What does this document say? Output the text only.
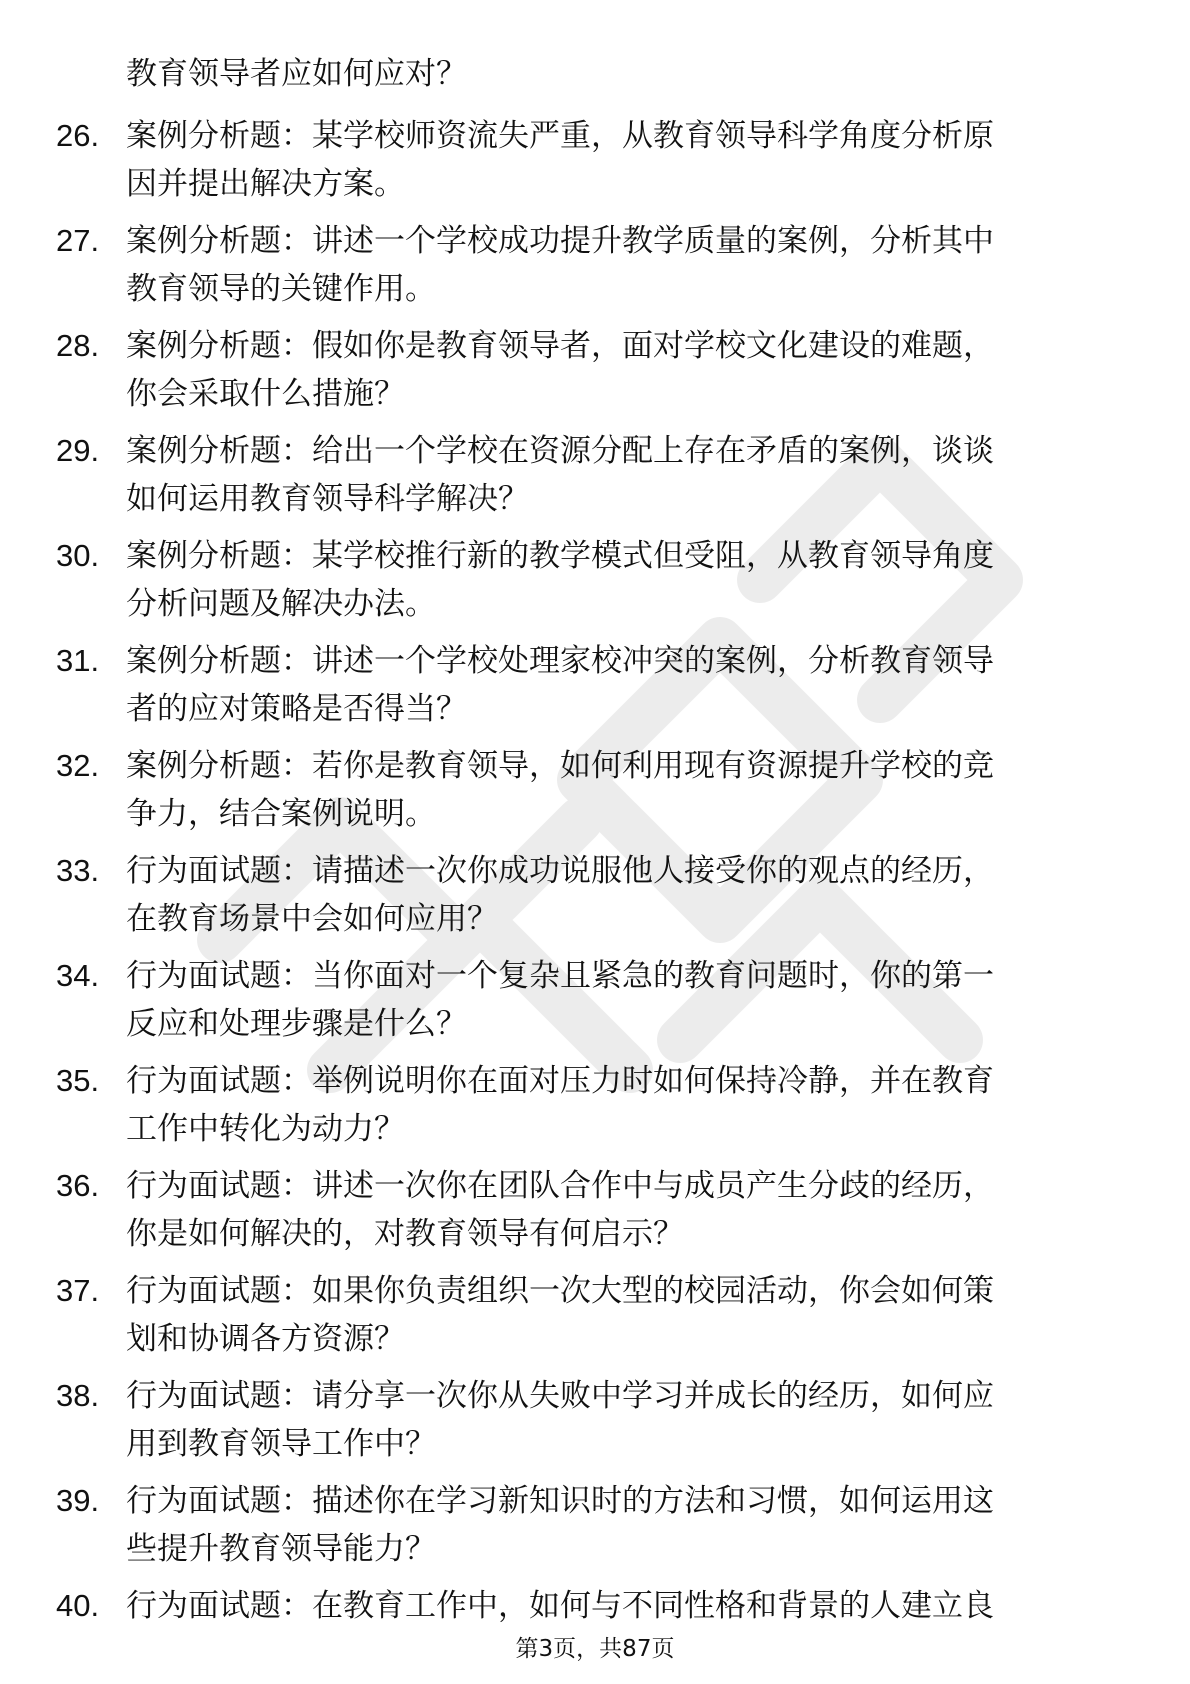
教育领导者应如何应对？
26. 案例分析题：某学校师资流失严重，从教育领导科学角度分析原
因并提出解决方案。
27. 案例分析题：讲述一个学校成功提升教学质量的案例，分析其中
教育领导的关键作用。
28. 案例分析题：假如你是教育领导者，面对学校文化建设的难题，
你会采取什么措施？
29. 案例分析题：给出一个学校在资源分配上存在矛盾的案例，谈谈
如何运用教育领导科学解决？
30. 案例分析题：某学校推行新的教学模式但受阻，从教育领导角度
分析问题及解决办法。
31. 案例分析题：讲述一个学校处理家校冲突的案例，分析教育领导
者的应对策略是否得当？
32. 案例分析题：若你是教育领导，如何利用现有资源提升学校的竞
争力，结合案例说明。
33. 行为面试题：请描述一次你成功说服他人接受你的观点的经历，
在教育场景中会如何应用？
34. 行为面试题：当你面对一个复杂且紧急的教育问题时，你的第一
反应和处理步骤是什么？
35. 行为面试题：举例说明你在面对压力时如何保持冷静，并在教育
工作中转化为动力？
36. 行为面试题：讲述一次你在团队合作中与成员产生分歧的经历，
你是如何解决的，对教育领导有何启示？
37. 行为面试题：如果你负责组织一次大型的校园活动，你会如何策
划和协调各方资源？
38. 行为面试题：请分享一次你从失败中学习并成长的经历，如何应
用到教育领导工作中？
39. 行为面试题：描述你在学习新知识时的方法和习惯，如何运用这
些提升教育领导能力？
40. 行为面试题：在教育工作中，如何与不同性格和背景的人建立良
第3页，共87页
